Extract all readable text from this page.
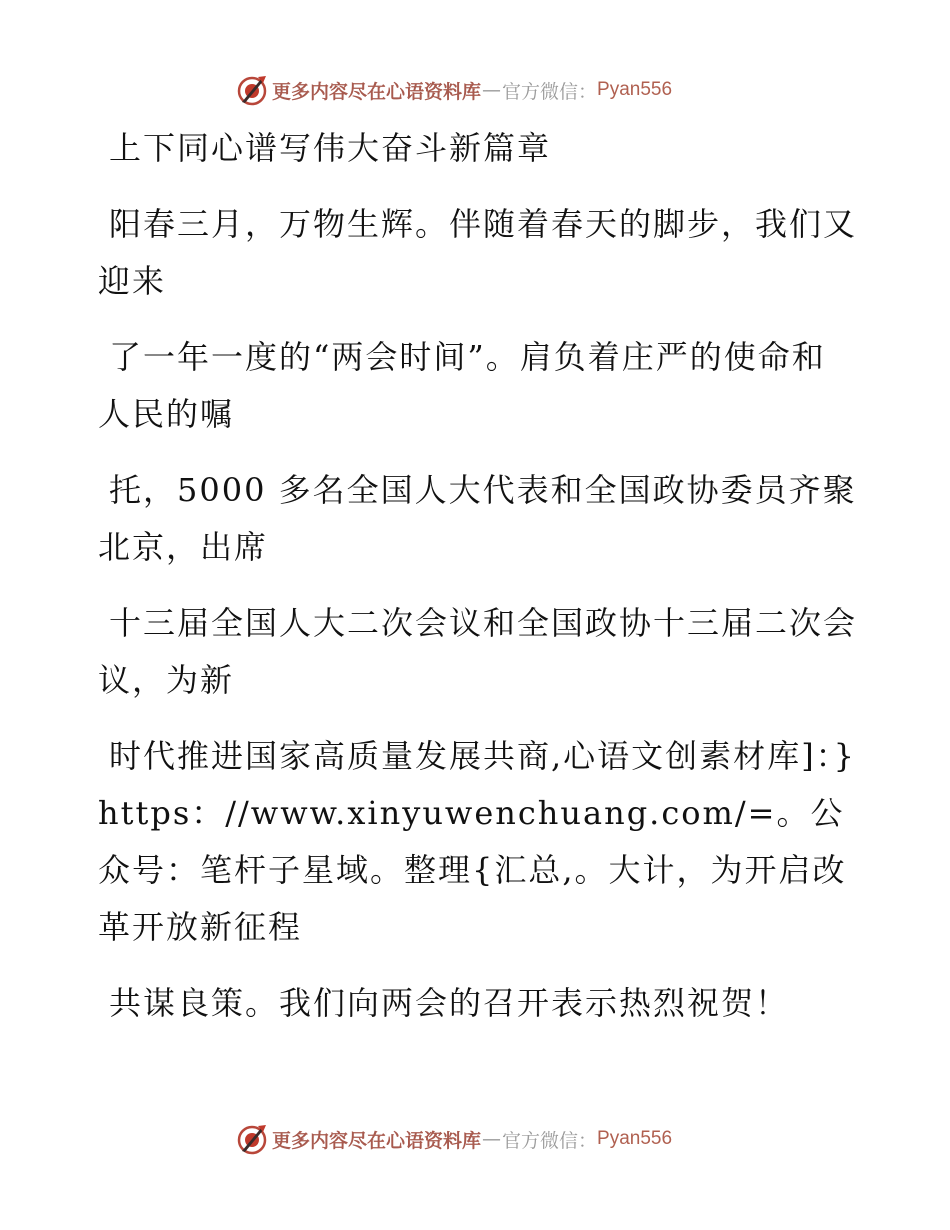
更多内容尽在心语资料库 — 官方微信： Pyan556

上下同心谱写伟大奋斗新篇章

阳春三月，万物生辉。伴随着春天的脚步，我们又迎来

了一年一度的“两会时间”。肩负着庄严的使命和人民的嘱

托，5000 多名全国人大代表和全国政协委员齐聚北京，出席

十三届全国人大二次会议和全国政协十三届二次会议，为新

时代推进国家高质量发展共商,心语文创素材库]：}https：//www.xinyuwenchuang.com/=。公众号：笔杆子星域。整理{汇总,。大计，为开启改革开放新征程

共谋良策。我们向两会的召开表示热烈祝贺！

更多内容尽在心语资料库 — 官方微信： Pyan556
